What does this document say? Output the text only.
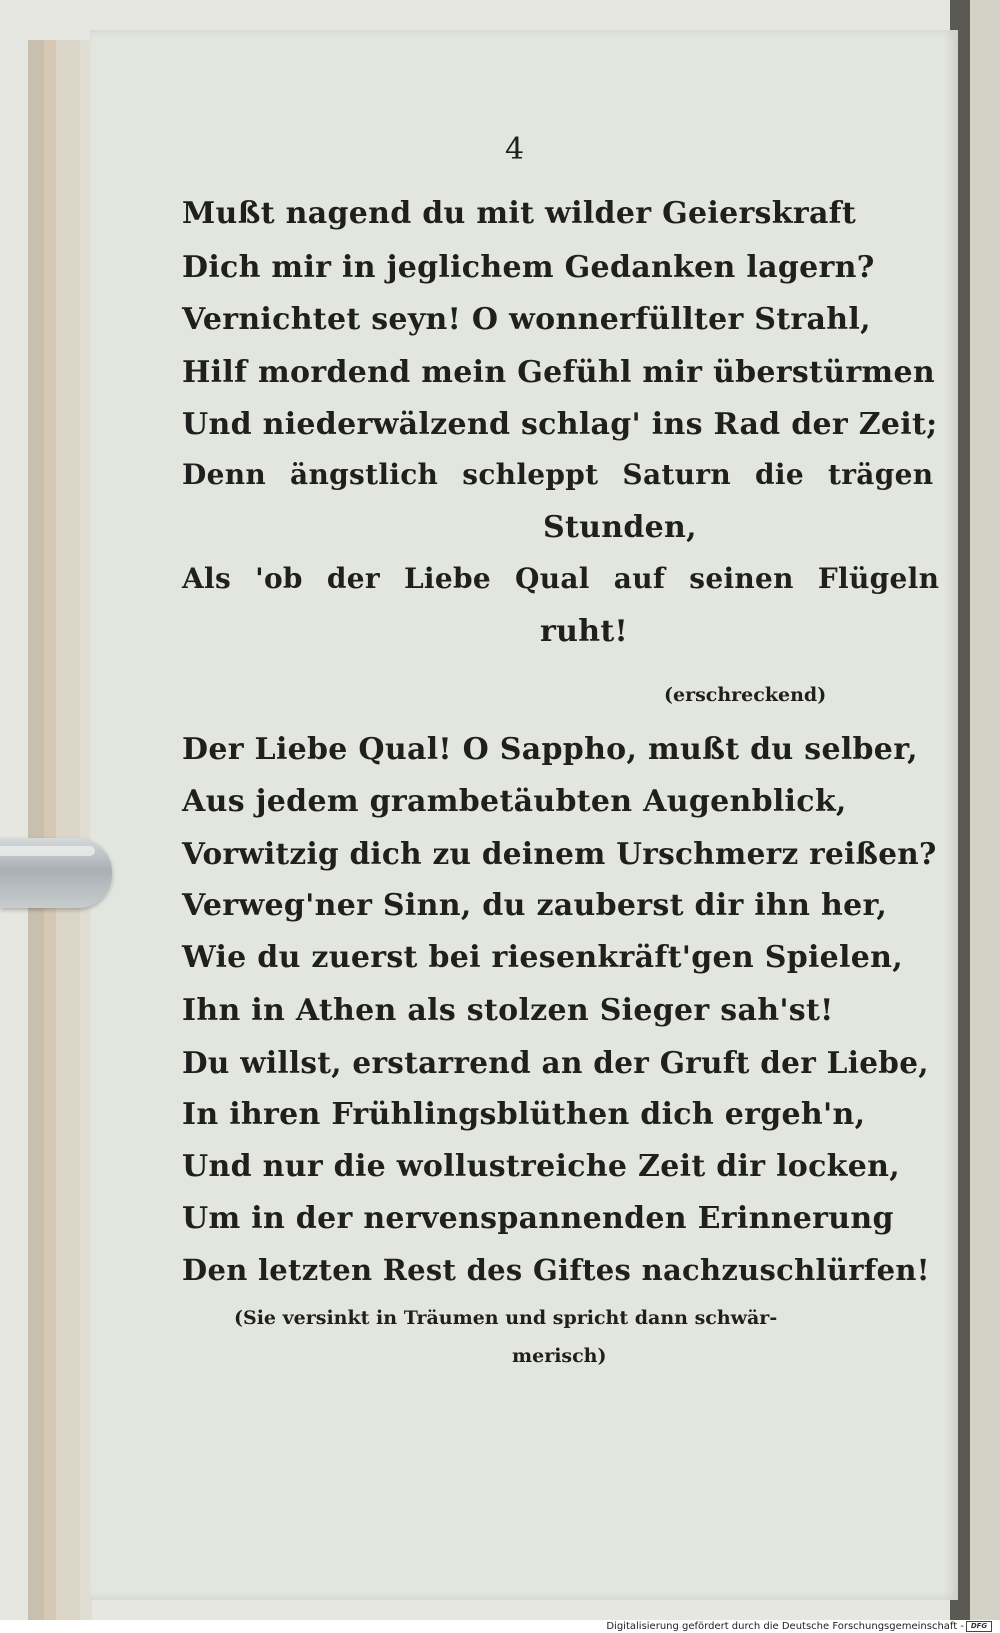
4
Mußt nagend du mit wilder Geierskraft
Dich mir in jeglichem Gedanken lagern?
Vernichtet seyn! O wonnerfüllter Strahl,
Hilf mordend mein Gefühl mir überstürmen
Und niederwälzend schlag' ins Rad der Zeit;
Denn ängstlich schleppt Saturn die trägen
Stunden,
Als 'ob der Liebe Qual auf seinen Flügeln
ruht!
(erschreckend)
Der Liebe Qual! O Sappho, mußt du selber,
Aus jedem grambetäubten Augenblick,
Vorwitzig dich zu deinem Urschmerz reißen?
Verweg'ner Sinn, du zauberst dir ihn her,
Wie du zuerst bei riesenkräft'gen Spielen,
Ihn in Athen als stolzen Sieger sah'st!
Du willst, erstarrend an der Gruft der Liebe,
In ihren Frühlingsblüthen dich ergeh'n,
Und nur die wollustreiche Zeit dir locken,
Um in der nervenspannenden Erinnerung
Den letzten Rest des Giftes nachzuschlürfen!
(Sie versinkt in Träumen und spricht dann schwär-
merisch)
Digitalisierung gefördert durch die Deutsche Forschungsgemeinschaft - DFG
